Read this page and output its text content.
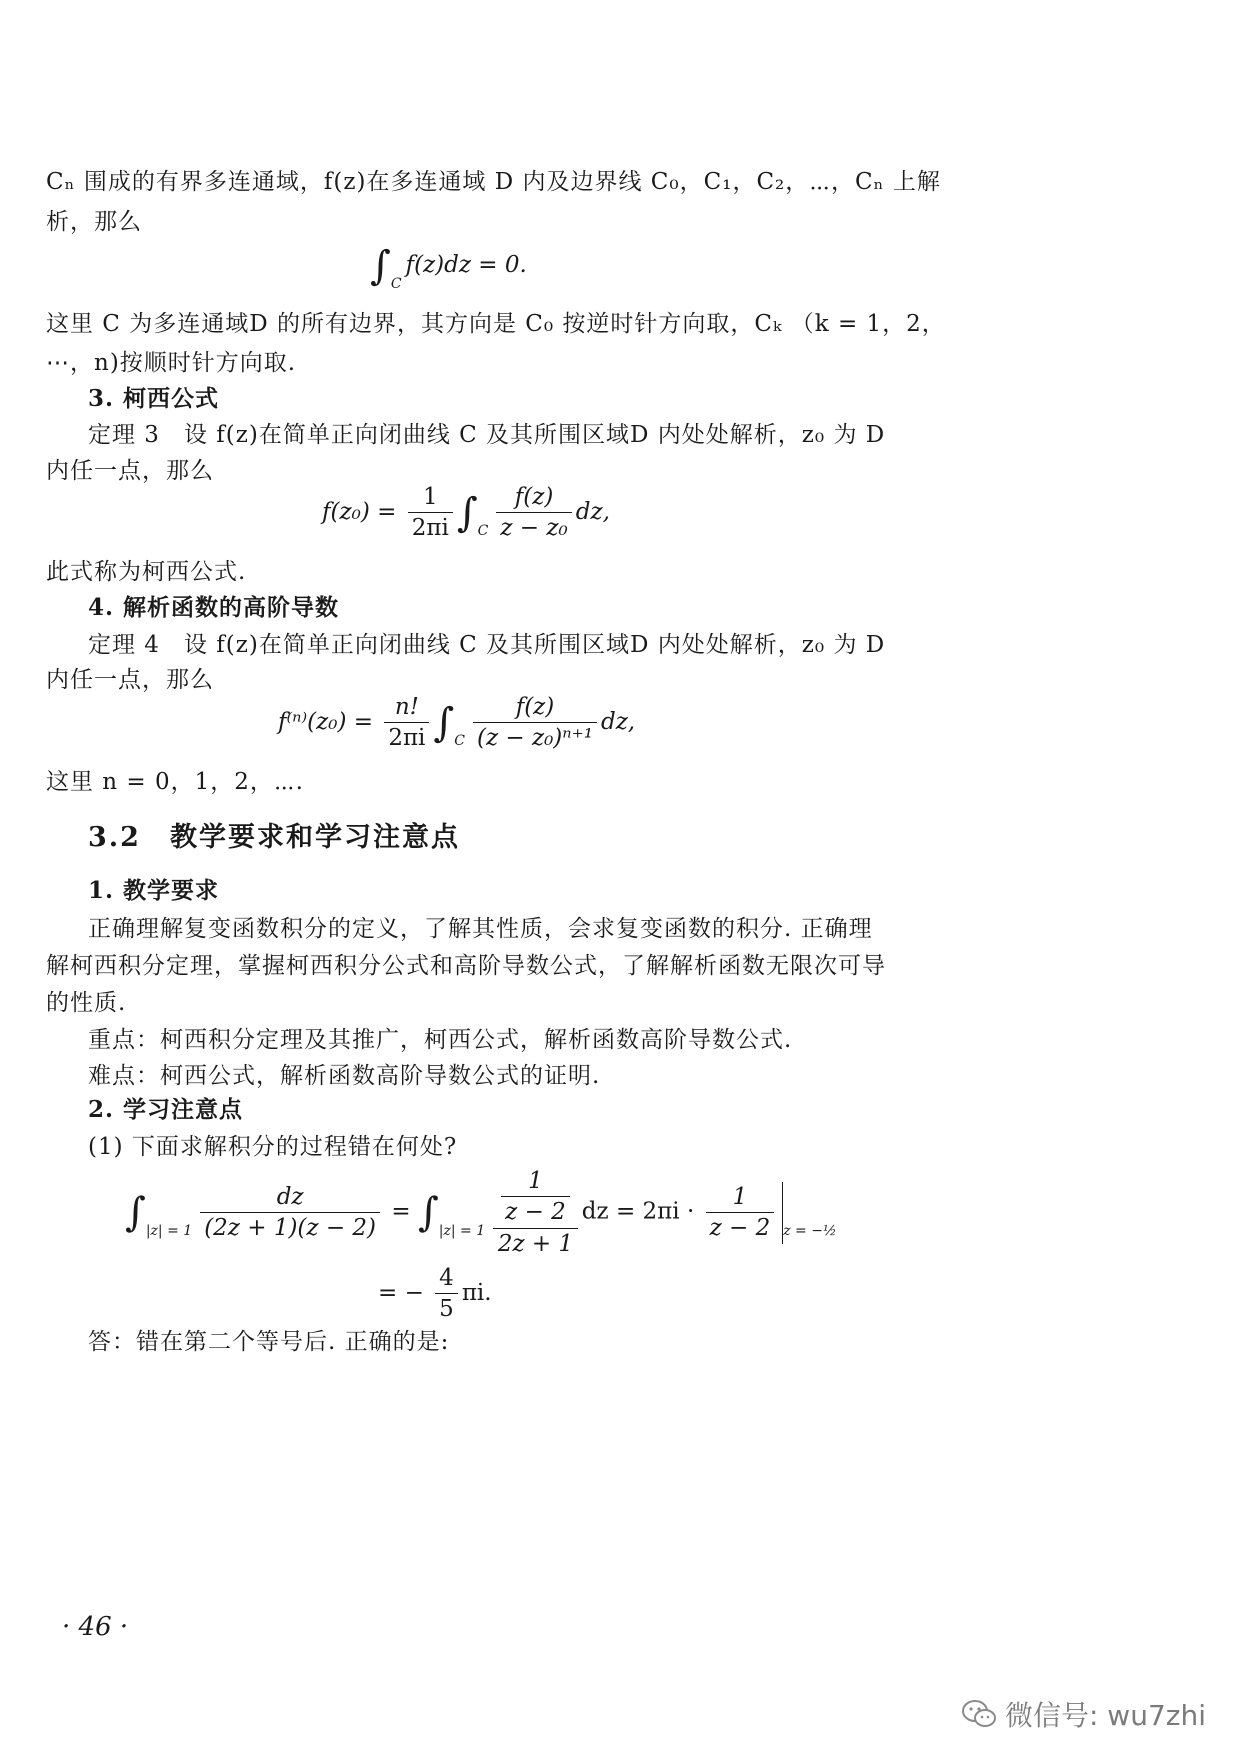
Cₙ 围成的有界多连通域，f(z)在多连通域 D 内及边界线 C₀，C₁，C₂，⋯，Cₙ 上解
析，那么
$\int_Cf(z)dz = 0$.
这里 C 为多连通域D 的所有边界，其方向是 C₀ 按逆时针方向取，Cₖ （k = 1，2，
⋯，n)按顺时针方向取.
3. 柯西公式
定理 3　设 f(z)在简单正向闭曲线 C 及其所围区域D 内处处解析，z₀ 为 D
内任一点，那么
$f(z_0) = \frac{1}{2\pi i} \int_C \frac{f(z)}{\text{z − z₀}}$ dz,
此式称为柯西公式.
4. 解析函数的高阶导数
定理 4　设 f(z)在简单正向闭曲线 C 及其所围区域D 内处处解析，z₀ 为 D
内任一点，那么
$f^{(n)}(z_0) = \frac{n!}{2\pi i} \int_C \frac{f(z)}{\text{(z − z₀)ⁿ⁺¹}}$ dz,
这里 n = 0，1，2，⋯.
3.2　教学要求和学习注意点
1. 教学要求
正确理解复变函数积分的定义，了解其性质，会求复变函数的积分. 正确理
解柯西积分定理，掌握柯西积分公式和高阶导数公式，了解解析函数无限次可导
的性质.
重点：柯西积分定理及其推广，柯西公式，解析函数高阶导数公式.
难点：柯西公式，解析函数高阶导数公式的证明.
2. 学习注意点
(1) 下面求解积分的过程错在何处?
$\int_{|z| = 1} \frac{dz}{(2z + 1)(z - 2)} = \int_{|z| = 1} \frac{\frac{1}{z - 2}}{2z + 1}$ dz = $2\pi i \cdot \frac{1}{z - 2} _{z = -\frac{1}{2}}$
= − $\frac{4}{5} \pi i$.
答：错在第二个等号后. 正确的是:
· 46 ·
微信号: wu7zhi
